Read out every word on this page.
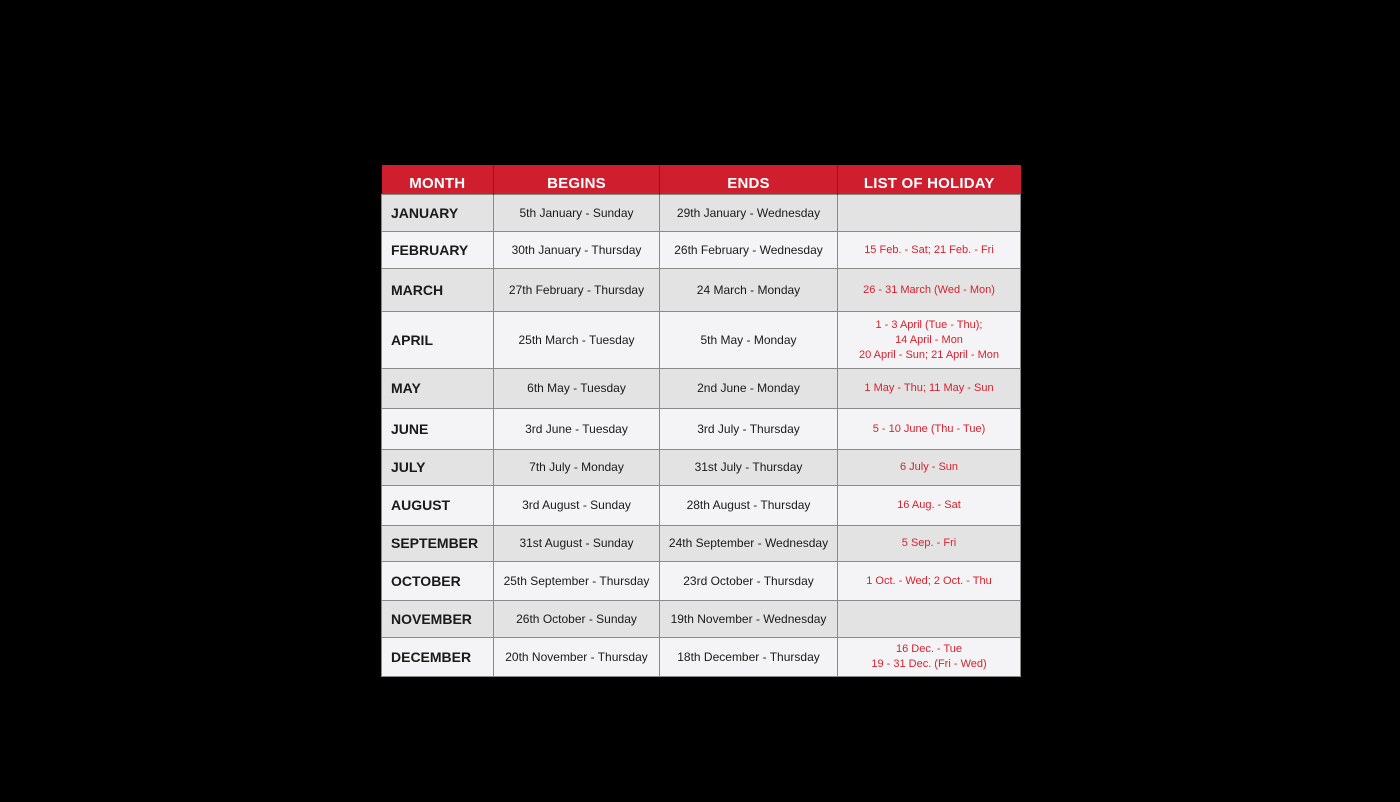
MONTH	BEGINS	ENDS	LIST OF HOLIDAY
JANUARY	5th January - Sunday	29th January - Wednesday	
FEBRUARY	30th January - Thursday	26th February - Wednesday	15 Feb. - Sat; 21 Feb. - Fri

MARCH	27th February - Thursday	24 March - Monday	26 - 31 March (Wed - Mon)

APRIL	25th March - Tuesday	5th May - Monday	1 - 3 April (Tue - Thu);
14 April - Mon
20 April - Sun; 21 April - Mon

MAY	6th May - Tuesday	2nd June - Monday	1 May - Thu; 11 May - Sun

JUNE	3rd June - Tuesday	3rd July - Thursday	5 - 10 June (Thu - Tue)

JULY	7th July - Monday	31st July - Thursday	6 July - Sun

AUGUST	3rd August - Sunday	28th August - Thursday	16 Aug. - Sat

SEPTEMBER	31st August - Sunday	24th September - Wednesday	5 Sep. - Fri

OCTOBER	25th September - Thursday	23rd October - Thursday	1 Oct. - Wed; 2 Oct. - Thu

NOVEMBER	26th October - Sunday	19th November - Wednesday	
DECEMBER	20th November - Thursday	18th December - Thursday	16 Dec. - Tue
19 - 31 Dec. (Fri - Wed)
